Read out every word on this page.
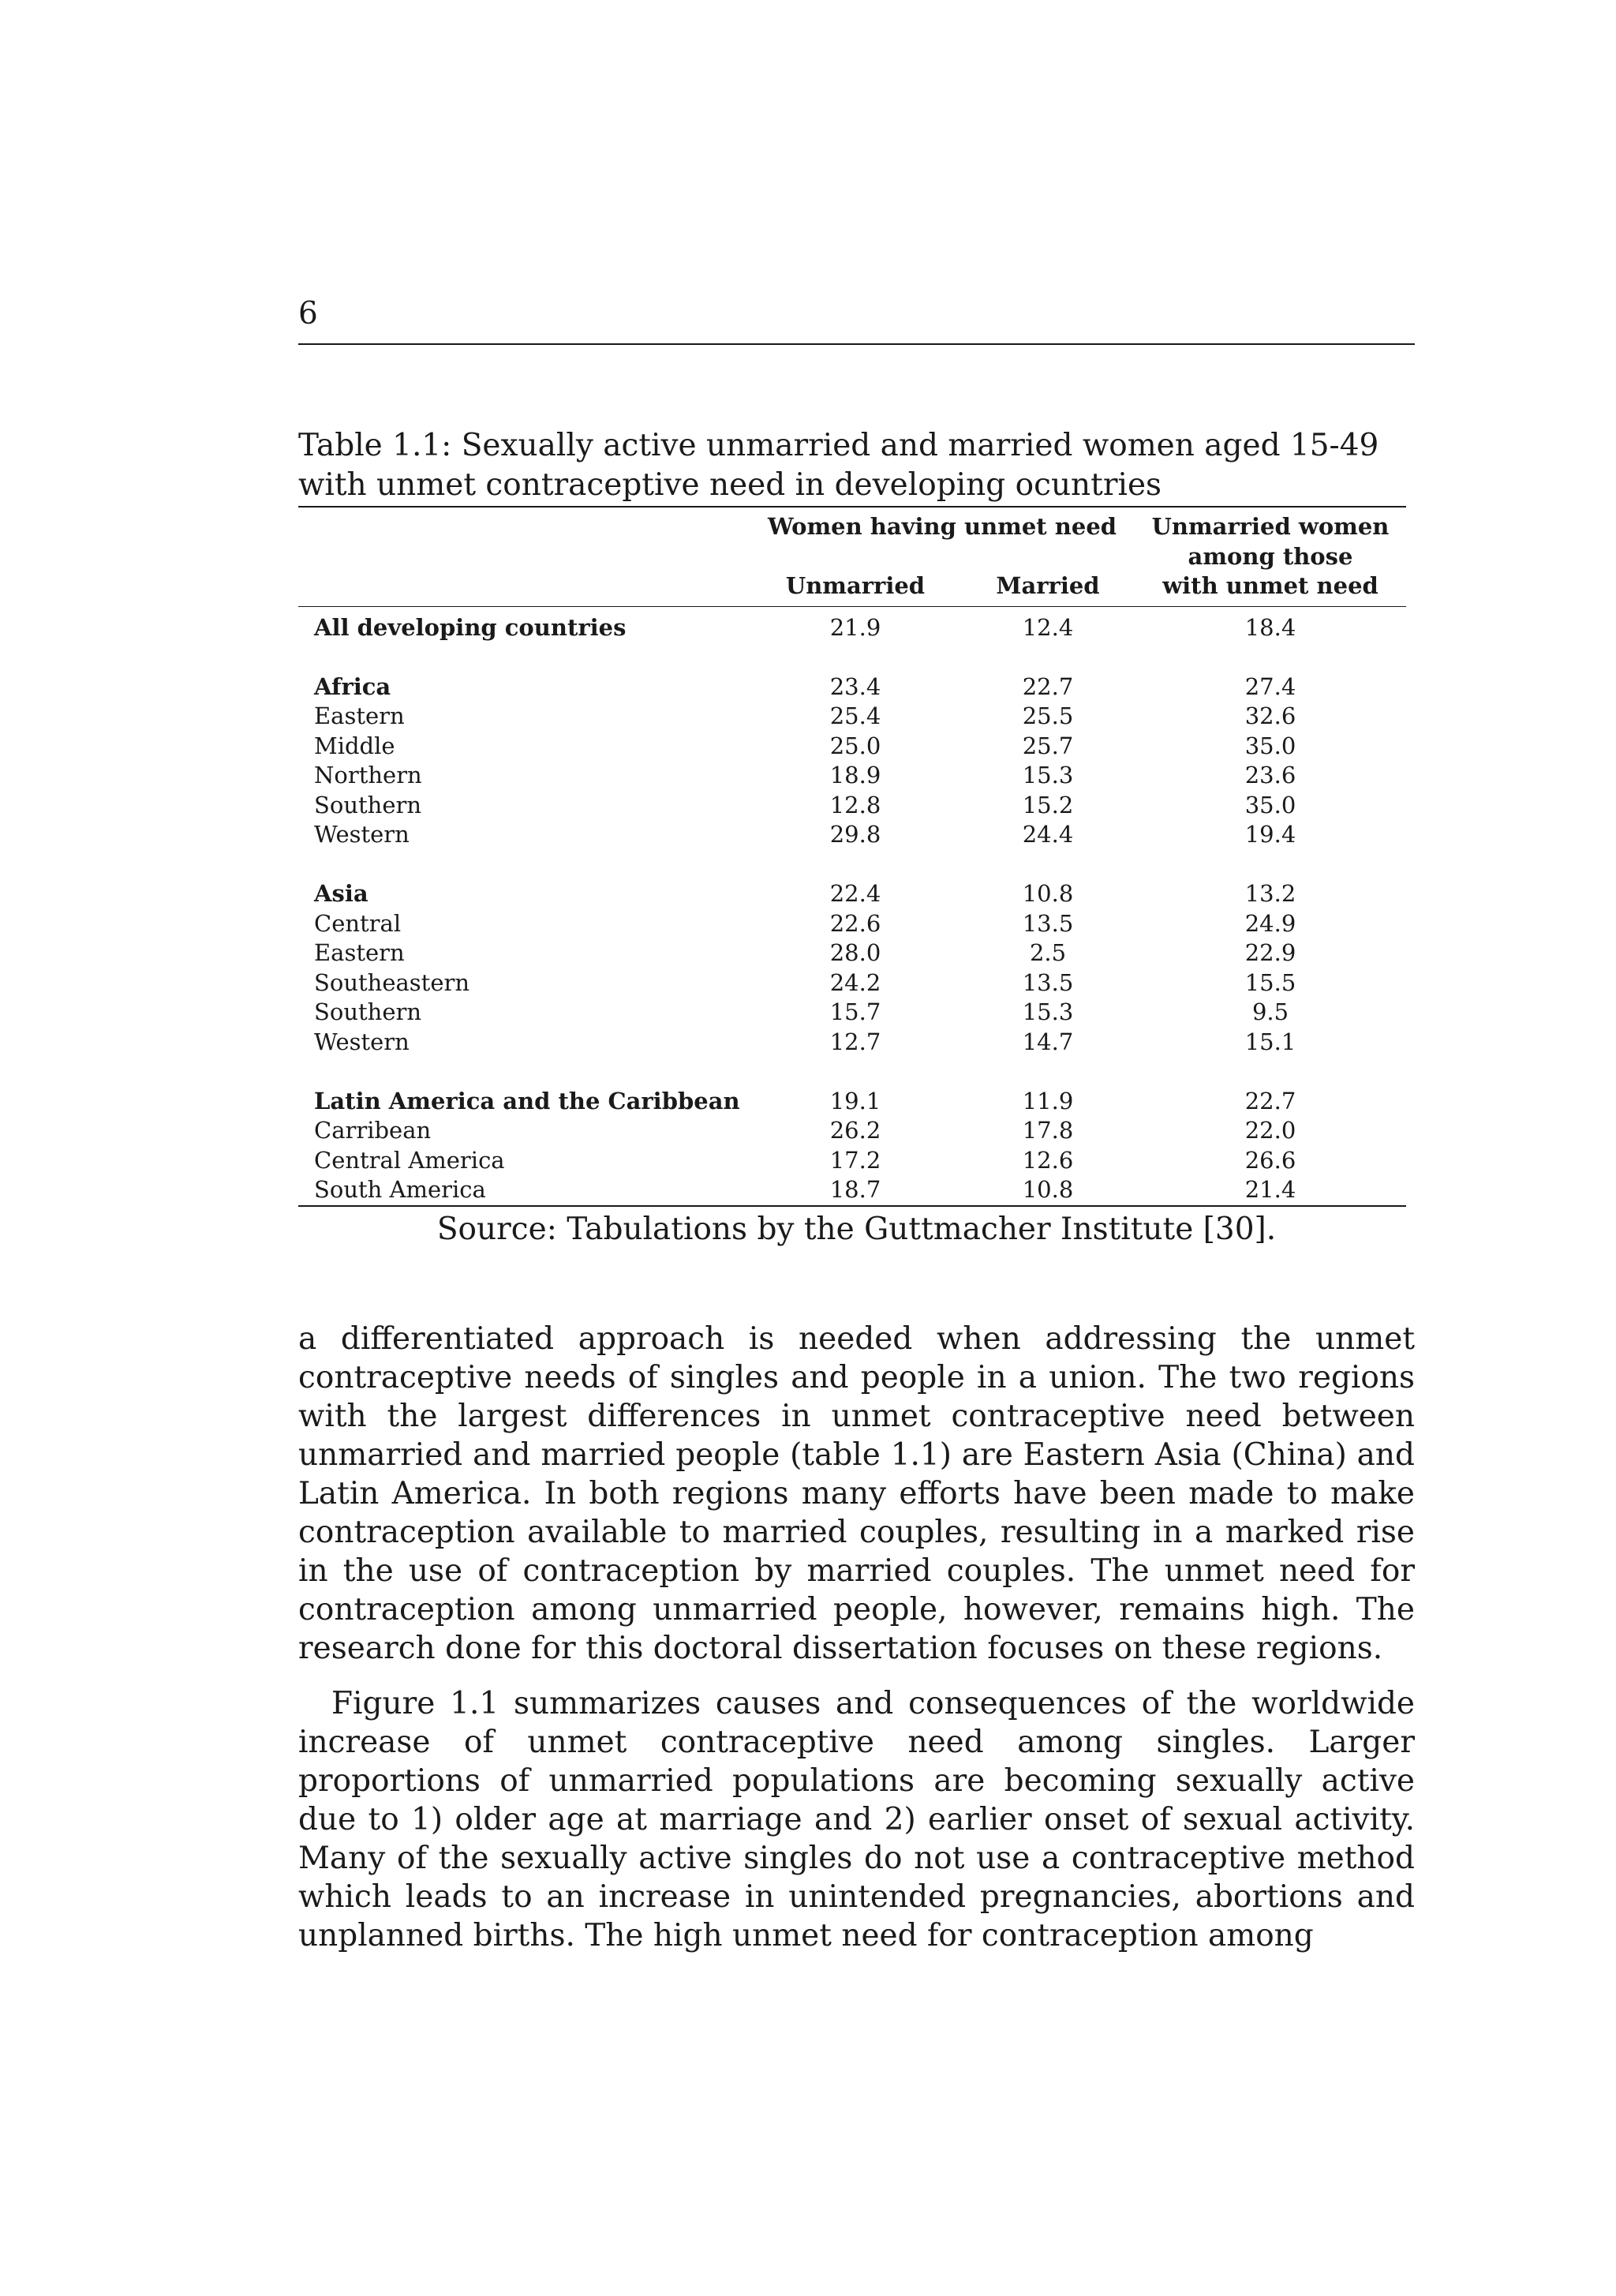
6
Table 1.1: Sexually active unmarried and married women aged 15-49 with unmet contraceptive need in developing ocuntries
	Women having unmet need		Unmarried women
			among those
	Unmarried	Married	with unmet need
All developing countries	21.9	12.4	18.4

Africa	23.4	22.7	27.4
Eastern	25.4	25.5	32.6
Middle	25.0	25.7	35.0
Northern	18.9	15.3	23.6
Southern	12.8	15.2	35.0
Western	29.8	24.4	19.4

Asia	22.4	10.8	13.2
Central	22.6	13.5	24.9
Eastern	28.0	2.5	22.9
Southeastern	24.2	13.5	15.5
Southern	15.7	15.3	9.5
Western	12.7	14.7	15.1

Latin America and the Caribbean	19.1	11.9	22.7
Carribean	26.2	17.8	22.0
Central America	17.2	12.6	26.6
South America	18.7	10.8	21.4
Source: Tabulations by the Guttmacher Institute [30].

a differentiated approach is needed when addressing the unmet contraceptive needs of singles and people in a union. The two regions with the largest differences in unmet contraceptive need between unmarried and married people (table 1.1) are Eastern Asia (China) and Latin America. In both regions many efforts have been made to make contraception available to married couples, resulting in a marked rise in the use of contraception by married couples. The unmet need for contraception among unmarried people, however, remains high. The research done for this doctoral dissertation focuses on these regions.

Figure 1.1 summarizes causes and consequences of the worldwide increase of unmet contraceptive need among singles. Larger proportions of unmarried populations are becoming sexually active due to 1) older age at marriage and 2) earlier onset of sexual activity. Many of the sexually active singles do not use a contraceptive method which leads to an increase in unintended pregnancies, abortions and unplanned births. The high unmet need for contraception among
